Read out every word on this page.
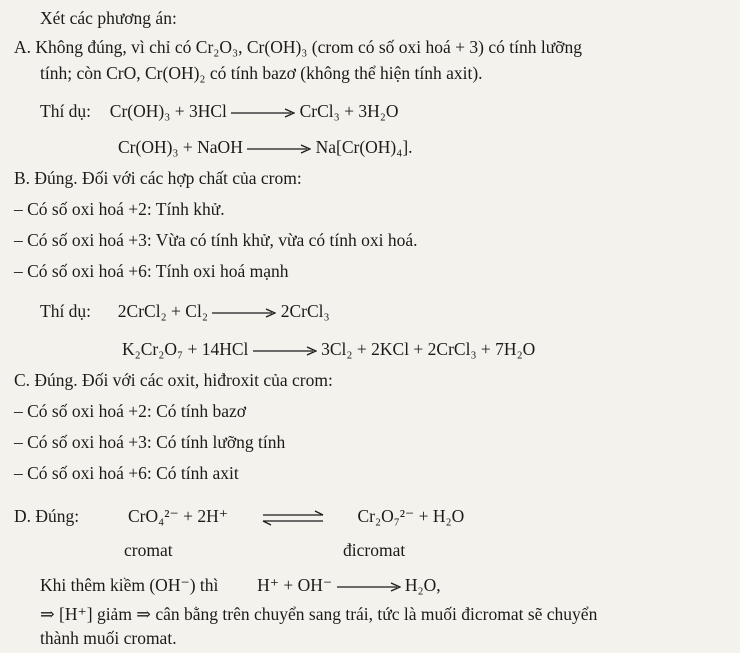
Xét các phương án:
A. Không đúng, vì chỉ có Cr₂O₃, Cr(OH)₃ (crom có số oxi hoá + 3) có tính lưỡng
tính; còn CrO, Cr(OH)₂ có tính bazơ (không thể hiện tính axit).
Thí dụ: Cr(OH)₃ + 3HCl	CrCl₃ + 3H₂O
Cr(OH)₃ + NaOH	Na[Cr(OH)₄].
B. Đúng. Đối với các hợp chất của crom:
– Có số oxi hoá +2: Tính khử.
– Có số oxi hoá +3: Vừa có tính khử, vừa có tính oxi hoá.
– Có số oxi hoá +6: Tính oxi hoá mạnh
Thí dụ: 2CrCl₂ + Cl₂	2CrCl₃
K₂Cr₂O₇ + 14HCl	3Cl₂ + 2KCl + 2CrCl₃ + 7H₂O
C. Đúng. Đối với các oxit, hiđroxit của crom:
– Có số oxi hoá +2: Có tính bazơ
– Có số oxi hoá +3: Có tính lưỡng tính
– Có số oxi hoá +6: Có tính axit
D. Đúng:	CrO₄²⁻ + 2H⁺	Cr₂O₇²⁻ + H₂O
cromat	đicromat
Khi thêm kiềm (OH⁻) thì H⁺ + OH⁻	H₂O,
⇒ [H⁺] giảm ⇒ cân bằng trên chuyển sang trái, tức là muối đicromat sẽ chuyển
thành muối cromat.
